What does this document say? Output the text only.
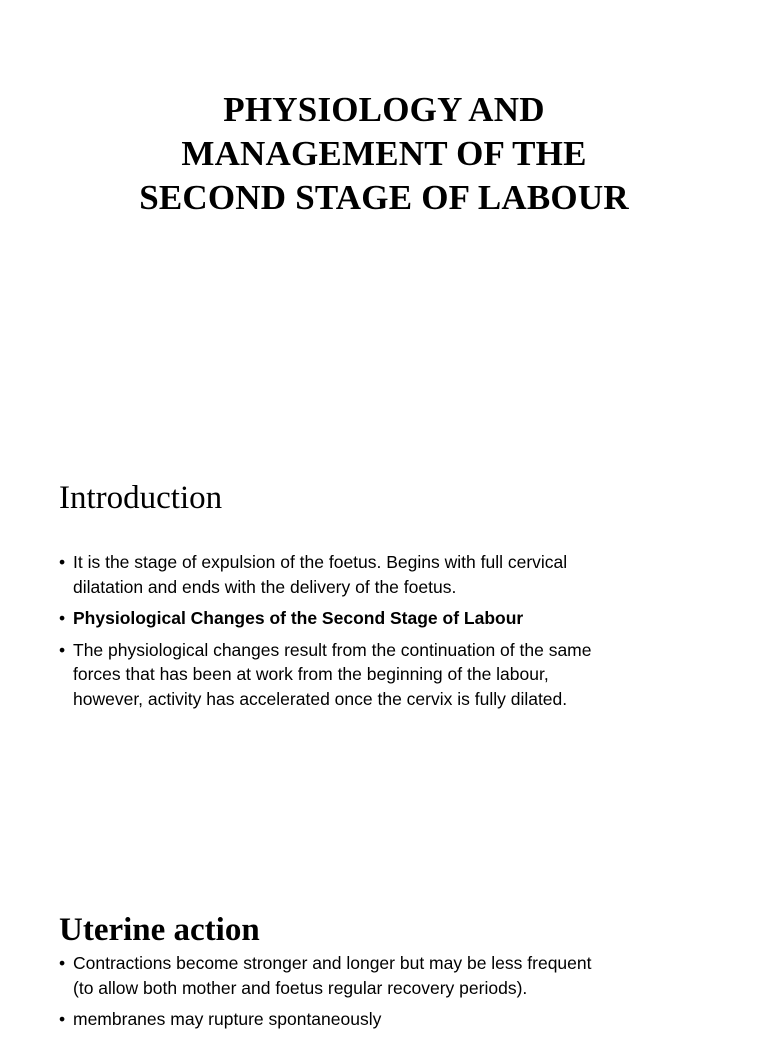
PHYSIOLOGY AND
MANAGEMENT OF THE
SECOND STAGE OF LABOUR
Introduction
• It is the stage of expulsion of the foetus. Begins with full cervical
dilatation and ends with the delivery of the foetus.
• Physiological Changes of the Second Stage of Labour
• The physiological changes result from the continuation of the same
forces that has been at work from the beginning of the labour,
however, activity has accelerated once the cervix is fully dilated.
Uterine action
• Contractions become stronger and longer but may be less frequent
(to allow both mother and foetus regular recovery periods).
• membranes may rupture spontaneously
